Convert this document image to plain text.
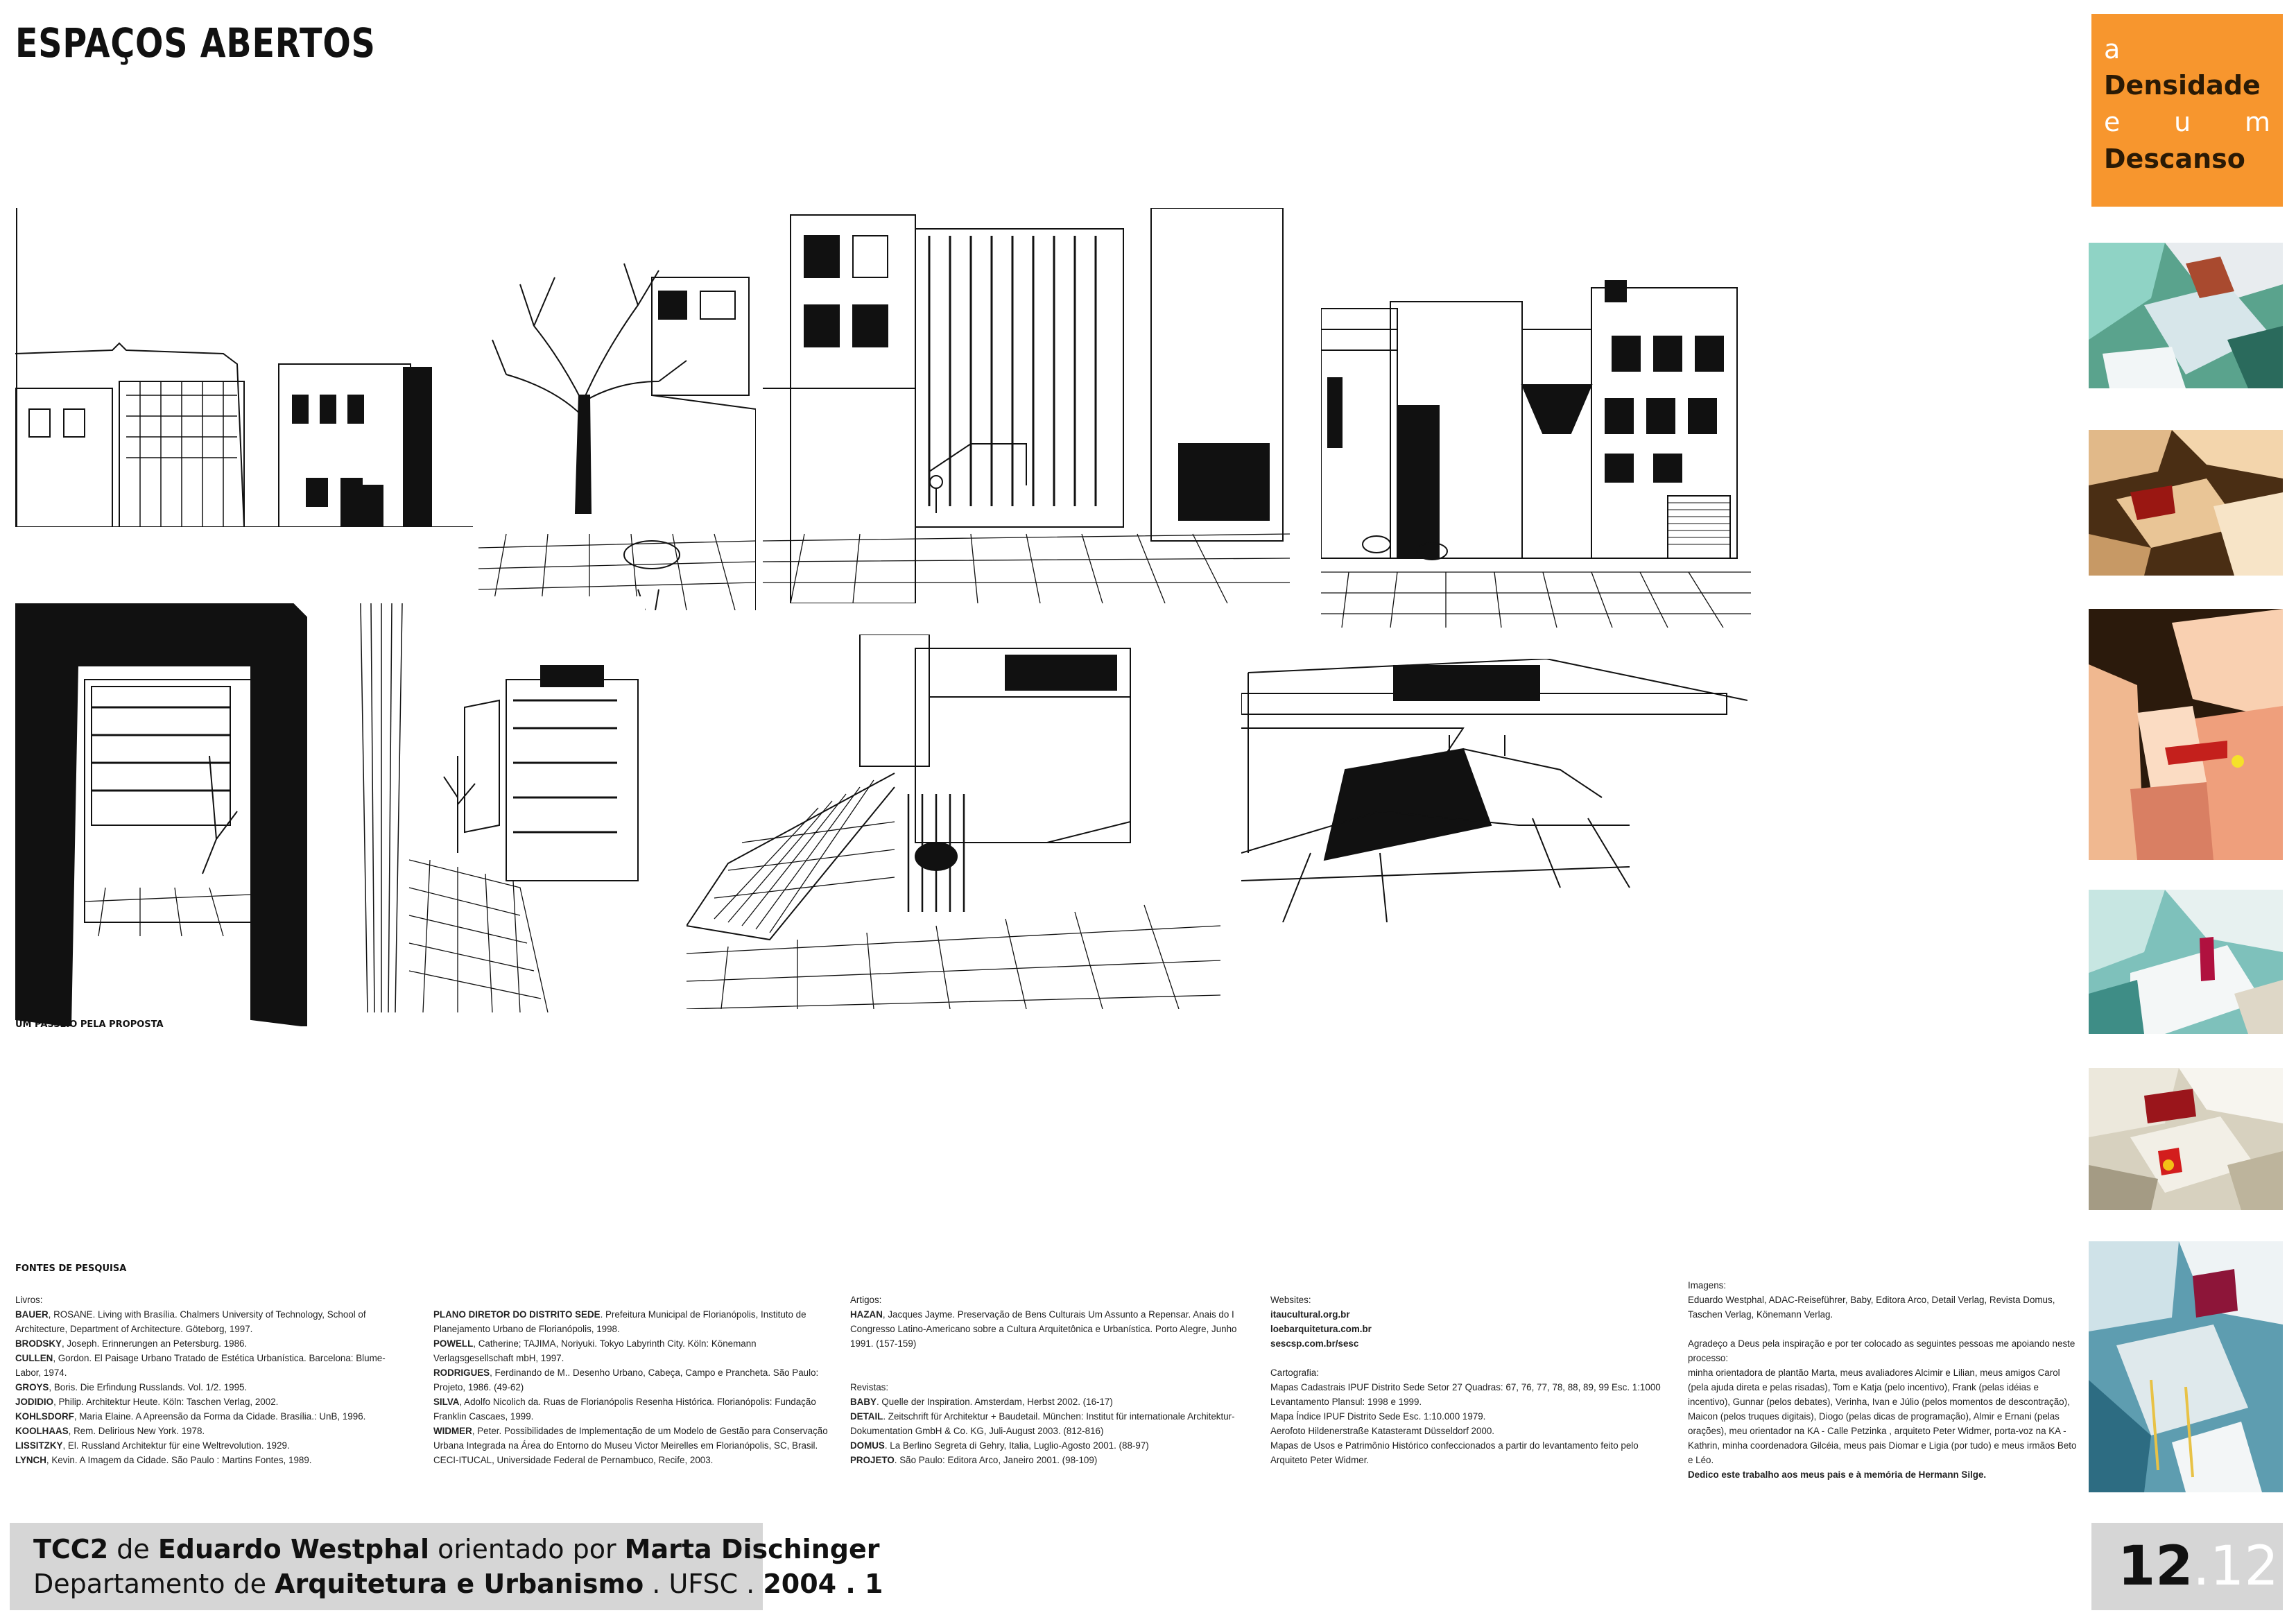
ESPAÇOS ABERTOS	a
Densidade
e u m
Descanso
UM PASSEIO PELA PROPOSTA
FONTES DE PESQUISA

Livros:

BAUER, ROSANE. Living with Brasília. Chalmers University of Technology, School of Architecture, Department of Architecture. Göteborg, 1997.

BRODSKY, Joseph. Erinnerungen an Petersburg. 1986.

CULLEN, Gordon. El Paisage Urbano Tratado de Estética Urbanística. Barcelona: Blume-Labor, 1974.

GROYS, Boris. Die Erfindung Russlands. Vol. 1/2. 1995.

JODIDIO, Philip. Architektur Heute. Köln: Taschen Verlag, 2002.

KOHLSDORF, Maria Elaine. A Apreensão da Forma da Cidade. Brasília.: UnB, 1996.

KOOLHAAS, Rem. Delirious New York. 1978.

LISSITZKY, El. Russland Architektur für eine Weltrevolution. 1929.

LYNCH, Kevin. A Imagem da Cidade. São Paulo : Martins Fontes, 1989.

PLANO DIRETOR DO DISTRITO SEDE. Prefeitura Municipal de Florianópolis, Instituto de Planejamento Urbano de Florianópolis, 1998.

POWELL, Catherine; TAJIMA, Noriyuki. Tokyo Labyrinth City. Köln: Könemann Verlagsgesellschaft mbH, 1997.

RODRIGUES, Ferdinando de M.. Desenho Urbano, Cabeça, Campo e Prancheta. São Paulo: Projeto, 1986. (49-62)

SILVA, Adolfo Nicolich da. Ruas de Florianópolis Resenha Histórica. Florianópolis: Fundação Franklin Cascaes, 1999.

WIDMER, Peter. Possibilidades de Implementação de um Modelo de Gestão para Conservação Urbana Integrada na Área do Entorno do Museu Victor Meirelles em Florianópolis, SC, Brasil. CECI-ITUCAL, Universidade Federal de Pernambuco, Recife, 2003.

Artigos:

HAZAN, Jacques Jayme. Preservação de Bens Culturais Um Assunto a Repensar. Anais do I Congresso Latino-Americano sobre a Cultura Arquitetônica e Urbanística. Porto Alegre, Junho 1991. (157-159)

Revistas:

BABY. Quelle der Inspiration. Amsterdam, Herbst 2002. (16-17)

DETAIL. Zeitschrift für Architektur + Baudetail. München: Institut für internationale Architektur-Dokumentation GmbH & Co. KG, Juli-August 2003. (812-816)

DOMUS. La Berlino Segreta di Gehry, Italia, Luglio-Agosto 2001. (88-97)

PROJETO. São Paulo: Editora Arco, Janeiro 2001. (98-109)

Websites:

itaucultural.org.br

loebarquitetura.com.br

sescsp.com.br/sesc

Cartografia:

Mapas Cadastrais IPUF Distrito Sede Setor 27 Quadras: 67, 76, 77, 78, 88, 89, 99 Esc. 1:1000 Levantamento Plansul: 1998 e 1999.

Mapa Índice IPUF Distrito Sede Esc. 1:10.000 1979.

Aerofoto Hildenerstraße Katasteramt Düsseldorf 2000.

Mapas de Usos e Patrimônio Histórico confeccionados a partir do levantamento feito pelo Arquiteto Peter Widmer.

Imagens:

Eduardo Westphal, ADAC-Reiseführer, Baby, Editora Arco, Detail Verlag, Revista Domus, Taschen Verlag, Könemann Verlag.

Agradeço a Deus pela inspiração e por ter colocado as seguintes pessoas me apoiando neste processo:

minha orientadora de plantão Marta, meus avaliadores Alcimir e Lilian, meus amigos Carol (pela ajuda direta e pelas risadas), Tom e Katja (pelo incentivo), Frank (pelas idéias e incentivo), Gunnar (pelos debates), Verinha, Ivan e Júlio (pelos momentos de descontração), Maicon (pelos truques digitais), Diogo (pelas dicas de programação), Almir e Ernani (pelas orações), meu orientador na KA - Calle Petzinka , arquiteto Peter Widmer, porta-voz na KA - Kathrin, minha coordenadora Gilcéia, meus pais Diomar e Ligia (por tudo) e meus irmãos Beto e Léo.

Dedico este trabalho aos meus pais e à memória de Hermann Silge.

TCC2 de Eduardo Westphal orientado por Marta Dischinger
Departamento de Arquitetura e Urbanismo . UFSC . 2004 . 1	12 .12
